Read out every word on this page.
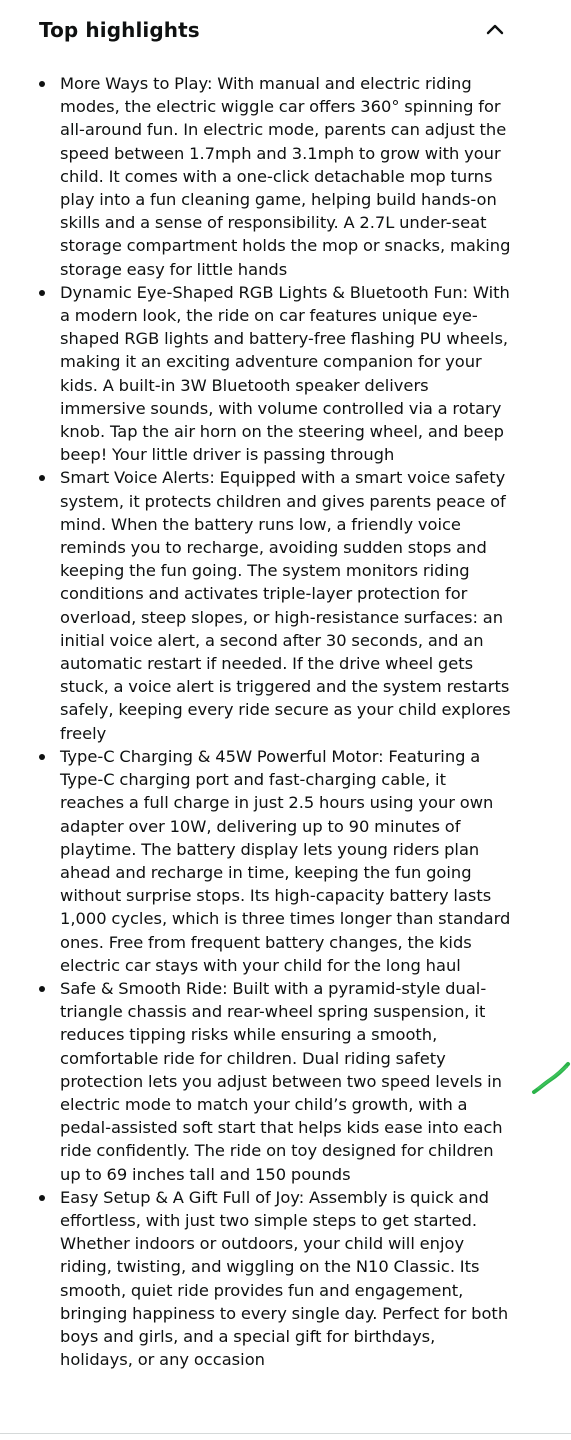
Top highlights
More Ways to Play: With manual and electric riding modes, the electric wiggle car offers 360° spinning for all-around fun. In electric mode, parents can adjust the speed between 1.7mph and 3.1mph to grow with your child. It comes with a one-click detachable mop turns play into a fun cleaning game, helping build hands-on skills and a sense of responsibility. A 2.7L under-seat storage compartment holds the mop or snacks, making storage easy for little hands
Dynamic Eye-Shaped RGB Lights & Bluetooth Fun: With a modern look, the ride on car features unique eye-shaped RGB lights and battery-free flashing PU wheels, making it an exciting adventure companion for your kids. A built-in 3W Bluetooth speaker delivers immersive sounds, with volume controlled via a rotary knob. Tap the air horn on the steering wheel, and beep beep! Your little driver is passing through
Smart Voice Alerts: Equipped with a smart voice safety system, it protects children and gives parents peace of mind. When the battery runs low, a friendly voice reminds you to recharge, avoiding sudden stops and keeping the fun going. The system monitors riding conditions and activates triple-layer protection for overload, steep slopes, or high-resistance surfaces: an initial voice alert, a second after 30 seconds, and an automatic restart if needed. If the drive wheel gets stuck, a voice alert is triggered and the system restarts safely, keeping every ride secure as your child explores freely
Type-C Charging & 45W Powerful Motor: Featuring a Type-C charging port and fast-charging cable, it reaches a full charge in just 2.5 hours using your own adapter over 10W, delivering up to 90 minutes of playtime. The battery display lets young riders plan ahead and recharge in time, keeping the fun going without surprise stops. Its high-capacity battery lasts 1,000 cycles, which is three times longer than standard ones. Free from frequent battery changes, the kids electric car stays with your child for the long haul
Safe & Smooth Ride: Built with a pyramid-style dual-triangle chassis and rear-wheel spring suspension, it reduces tipping risks while ensuring a smooth, comfortable ride for children. Dual riding safety protection lets you adjust between two speed levels in electric mode to match your child’s growth, with a pedal-assisted soft start that helps kids ease into each ride confidently. The ride on toy designed for children up to 69 inches tall and 150 pounds
Easy Setup & A Gift Full of Joy: Assembly is quick and effortless, with just two simple steps to get started. Whether indoors or outdoors, your child will enjoy riding, twisting, and wiggling on the N10 Classic. Its smooth, quiet ride provides fun and engagement, bringing happiness to every single day. Perfect for both boys and girls, and a special gift for birthdays, holidays, or any occasion
